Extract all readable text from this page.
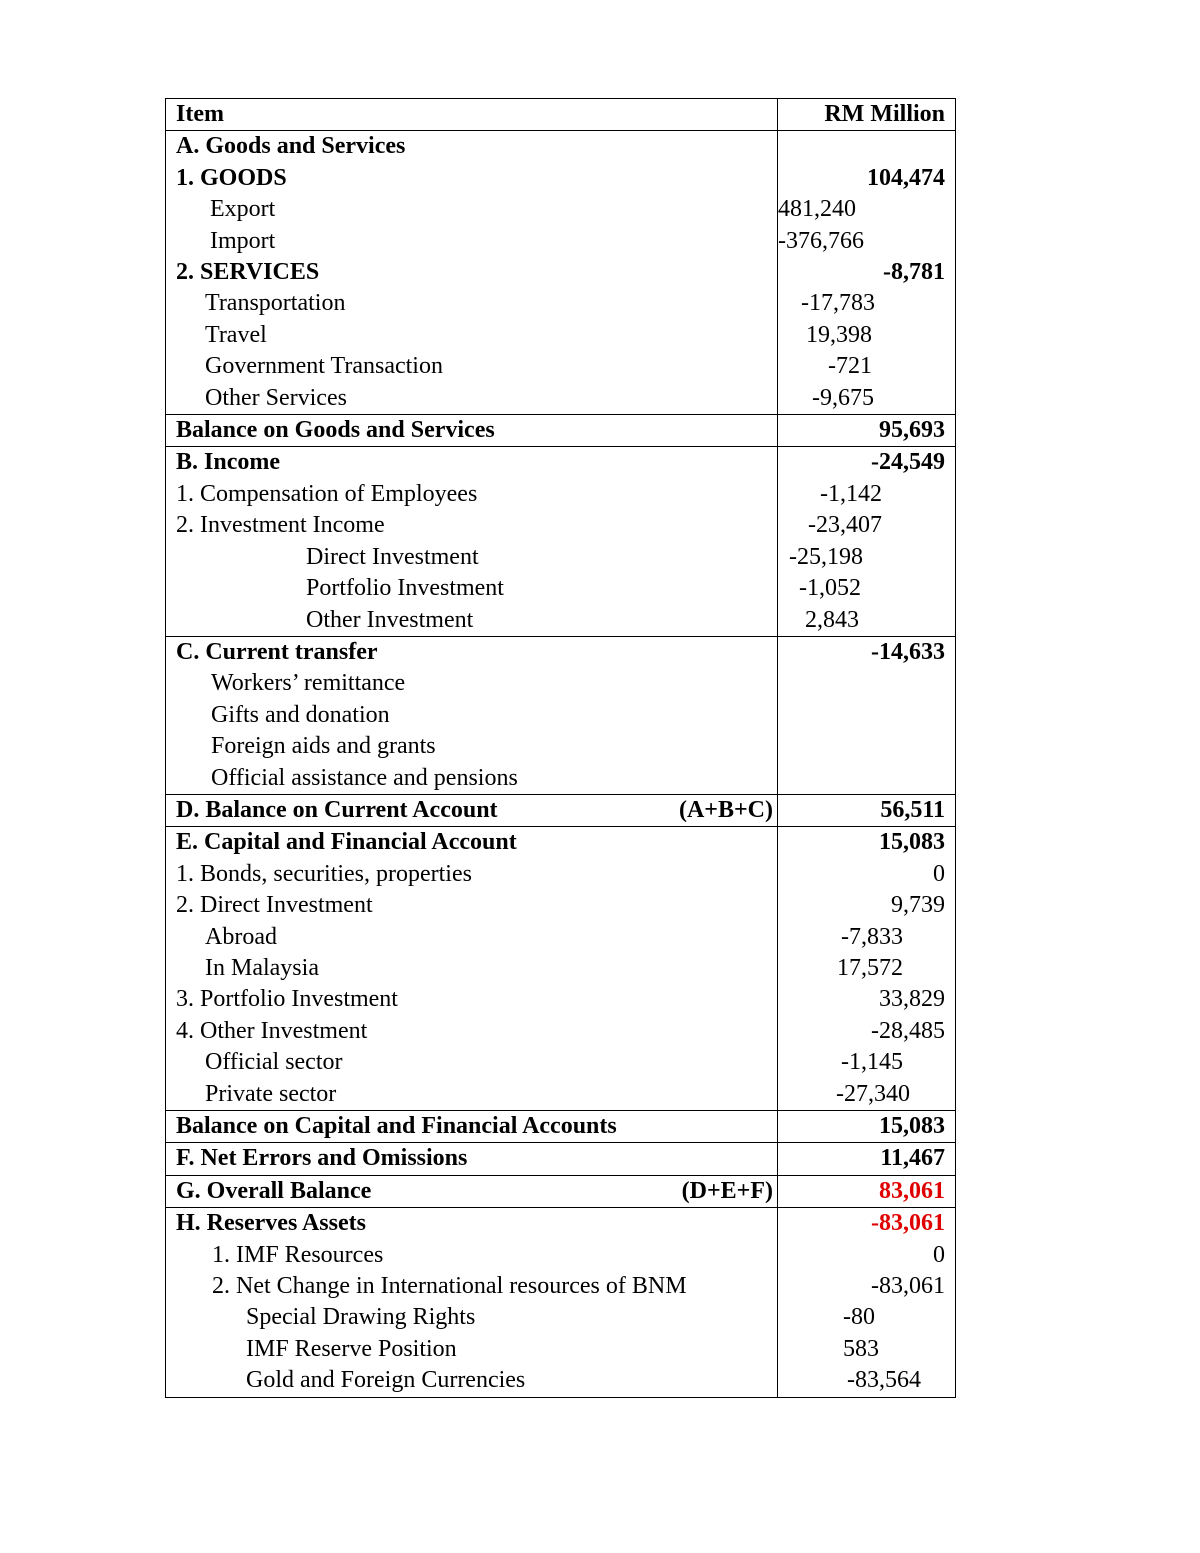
Item	RM Million

A. Goods and Services	

1. GOODS	104,474

Export	481,240

Import	-376,766

2. SERVICES	-8,781

Transportation	-17,783

Travel	19,398

Government Transaction	-721

Other Services	-9,675

Balance on Goods and Services	95,693

B. Income	-24,549

1. Compensation of Employees	-1,142

2. Investment Income	-23,407

Direct Investment	-25,198

Portfolio Investment	-1,052

Other Investment	2,843

C. Current transfer	-14,633

Workers’ remittance	

Gifts and donation	

Foreign aids and grants	

Official assistance and pensions	

D. Balance on Current Account (A+B+C)	56,511

E. Capital and Financial Account	15,083

1. Bonds, securities, properties	0

2. Direct Investment	9,739

Abroad	-7,833

In Malaysia	17,572

3. Portfolio Investment	33,829

4. Other Investment	-28,485

Official sector	-1,145

Private sector	-27,340

Balance on Capital and Financial Accounts	15,083

F. Net Errors and Omissions	11,467

G. Overall Balance (D+E+F)	83,061

H. Reserves Assets	-83,061

1. IMF Resources	0

2. Net Change in International resources of BNM	-83,061

Special Drawing Rights	-80

IMF Reserve Position	583

Gold and Foreign Currencies	-83,564
